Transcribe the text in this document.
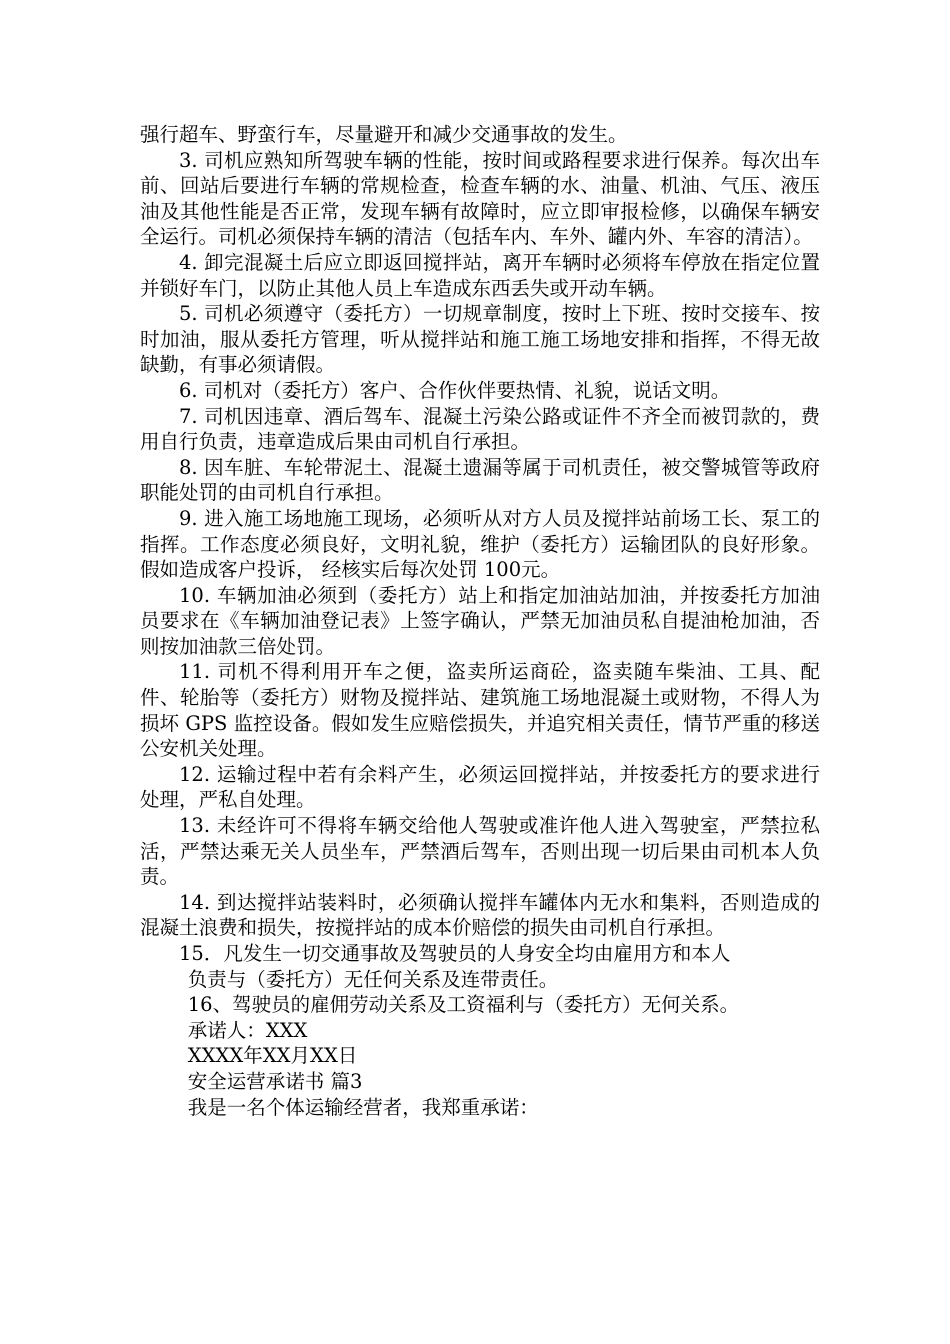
强行超车、野蛮行车，尽量避开和减少交通事故的发生。

3. 司机应熟知所驾驶车辆的性能，按时间或路程要求进行保养。每次出车前、回站后要进行车辆的常规检查，检查车辆的水、油量、机油、气压、液压油及其他性能是否正常，发现车辆有故障时，应立即审报检修，以确保车辆安全运行。司机必须保持车辆的清洁（包括车内、车外、罐内外、车容的清洁）。

4. 卸完混凝土后应立即返回搅拌站，离开车辆时必须将车停放在指定位置并锁好车门，以防止其他人员上车造成东西丢失或开动车辆。

5. 司机必须遵守（委托方）一切规章制度，按时上下班、按时交接车、按时加油，服从委托方管理，听从搅拌站和施工施工场地安排和指挥，不得无故缺勤，有事必须请假。

6. 司机对（委托方）客户、合作伙伴要热情、礼貌，说话文明。

7. 司机因违章、酒后驾车、混凝土污染公路或证件不齐全而被罚款的，费用自行负责，违章造成后果由司机自行承担。

8. 因车脏、车轮带泥土、混凝土遗漏等属于司机责任，被交警城管等政府职能处罚的由司机自行承担。

9. 进入施工场地施工现场，必须听从对方人员及搅拌站前场工长、泵工的指挥。工作态度必须良好，文明礼貌，维护（委托方）运输团队的良好形象。假如造成客户投诉， 经核实后每次处罚 100元。

10. 车辆加油必须到（委托方）站上和指定加油站加油，并按委托方加油员要求在《车辆加油登记表》上签字确认，严禁无加油员私自提油枪加油，否则按加油款三倍处罚。

11. 司机不得利用开车之便，盗卖所运商砼，盗卖随车柴油、工具、配件、轮胎等（委托方）财物及搅拌站、建筑施工场地混凝土或财物，不得人为损坏 GPS 监控设备。假如发生应赔偿损失，并追究相关责任，情节严重的移送公安机关处理。

12. 运输过程中若有余料产生，必须运回搅拌站，并按委托方的要求进行处理，严私自处理。

13. 未经许可不得将车辆交给他人驾驶或准许他人进入驾驶室，严禁拉私活，严禁达乘无关人员坐车，严禁酒后驾车，否则出现一切后果由司机本人负责。

14. 到达搅拌站装料时，必须确认搅拌车罐体内无水和集料，否则造成的混凝土浪费和损失，按搅拌站的成本价赔偿的损失由司机自行承担。

15．凡发生一切交通事故及驾驶员的人身安全均由雇用方和本人

负责与（委托方）无任何关系及连带责任。

16、驾驶员的雇佣劳动关系及工资福利与（委托方）无何关系。

承诺人：XXX

XXXX年XX月XX日

安全运营承诺书 篇3

我是一名个体运输经营者，我郑重承诺：
